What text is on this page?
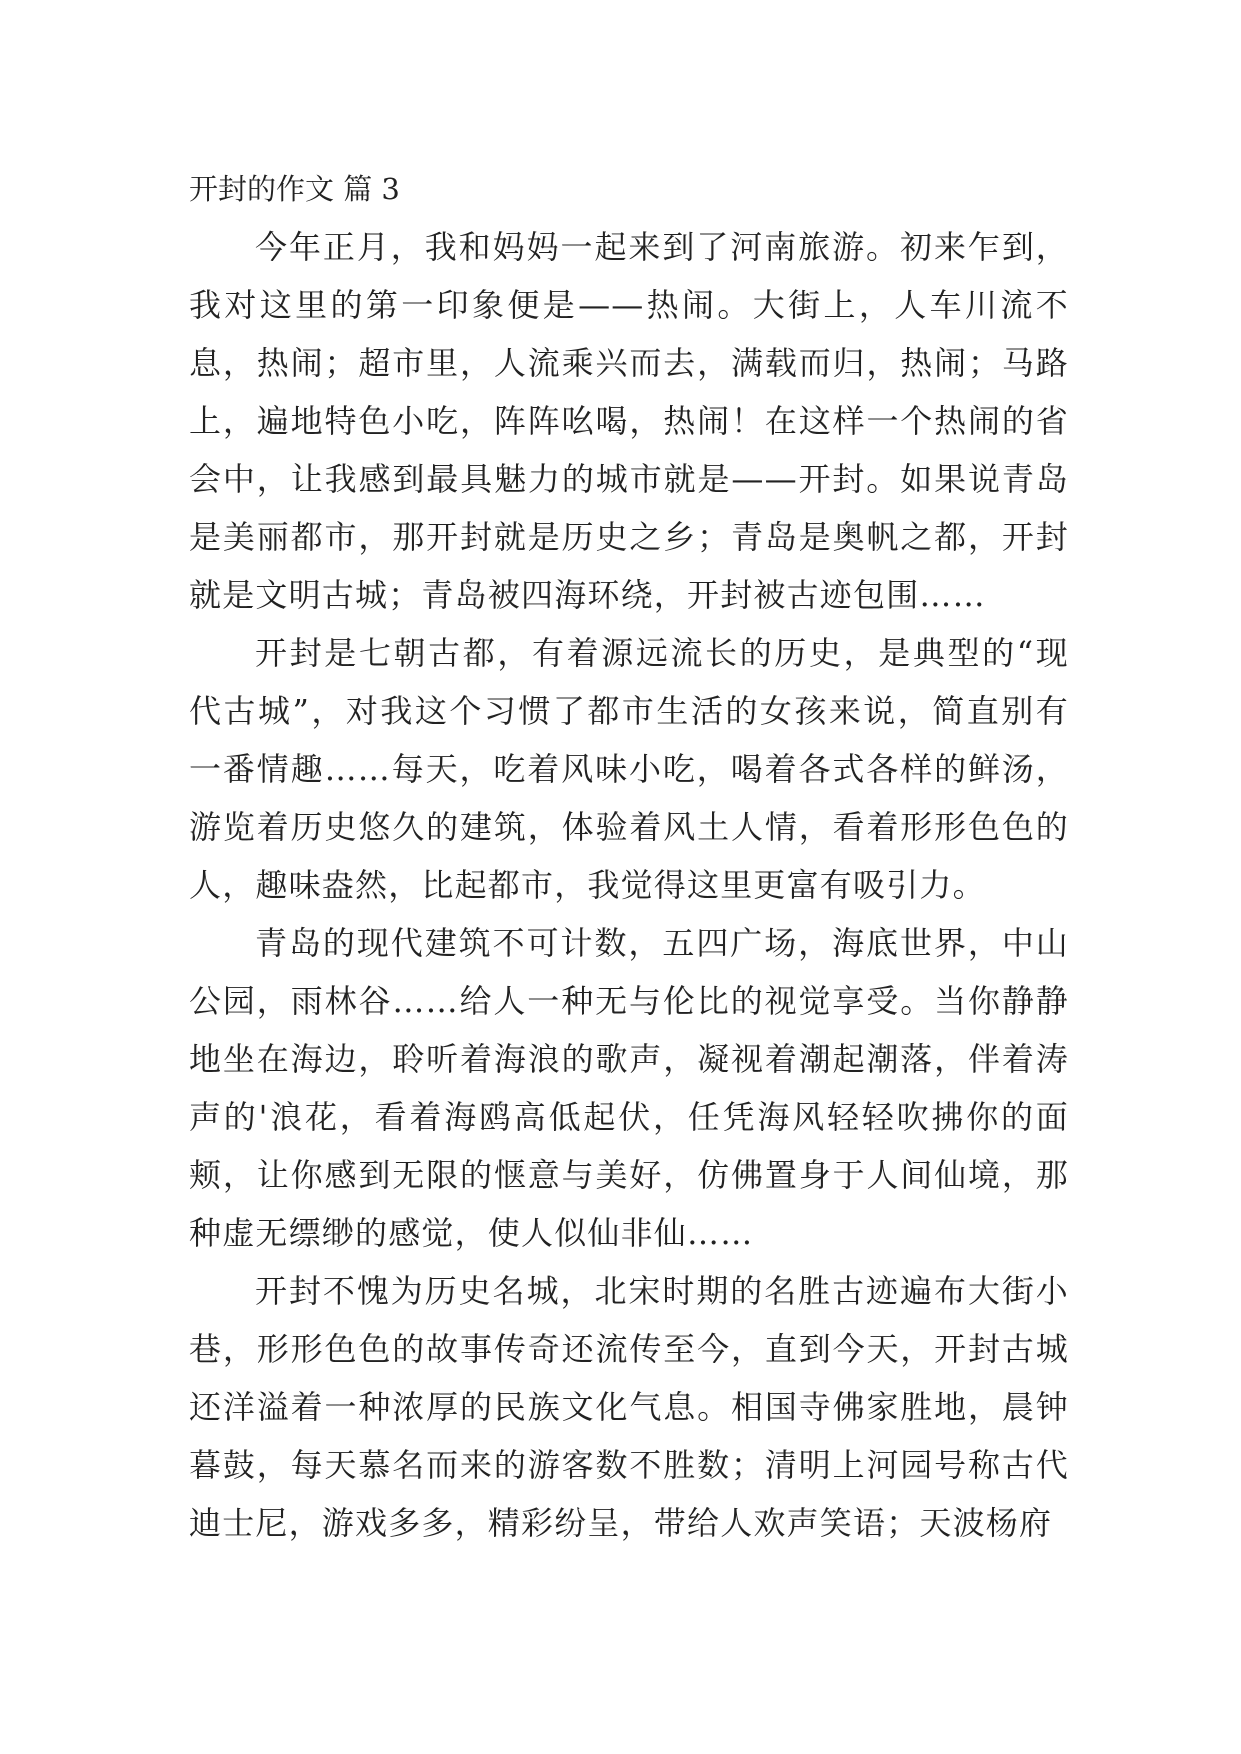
开封的作文 篇 3

今年正月，我和妈妈一起来到了河南旅游。初来乍到，我对这里的第一印象便是——热闹。大街上，人车川流不息，热闹；超市里，人流乘兴而去，满载而归，热闹；马路上，遍地特色小吃，阵阵吆喝，热闹！在这样一个热闹的省会中，让我感到最具魅力的城市就是——开封。如果说青岛是美丽都市，那开封就是历史之乡；青岛是奥帆之都，开封就是文明古城；青岛被四海环绕，开封被古迹包围……

开封是七朝古都，有着源远流长的历史，是典型的“现代古城”，对我这个习惯了都市生活的女孩来说，简直别有一番情趣……每天，吃着风味小吃，喝着各式各样的鲜汤，游览着历史悠久的建筑，体验着风土人情，看着形形色色的人，趣味盎然，比起都市，我觉得这里更富有吸引力。

青岛的现代建筑不可计数，五四广场，海底世界，中山公园，雨林谷……给人一种无与伦比的视觉享受。当你静静地坐在海边，聆听着海浪的歌声，凝视着潮起潮落，伴着涛声的'浪花，看着海鸥高低起伏，任凭海风轻轻吹拂你的面颊，让你感到无限的惬意与美好，仿佛置身于人间仙境，那种虚无缥缈的感觉，使人似仙非仙……

开封不愧为历史名城，北宋时期的名胜古迹遍布大街小巷，形形色色的故事传奇还流传至今，直到今天，开封古城还洋溢着一种浓厚的民族文化气息。相国寺佛家胜地，晨钟暮鼓，每天慕名而来的游客数不胜数；清明上河园号称古代迪士尼，游戏多多，精彩纷呈，带给人欢声笑语；天波杨府
